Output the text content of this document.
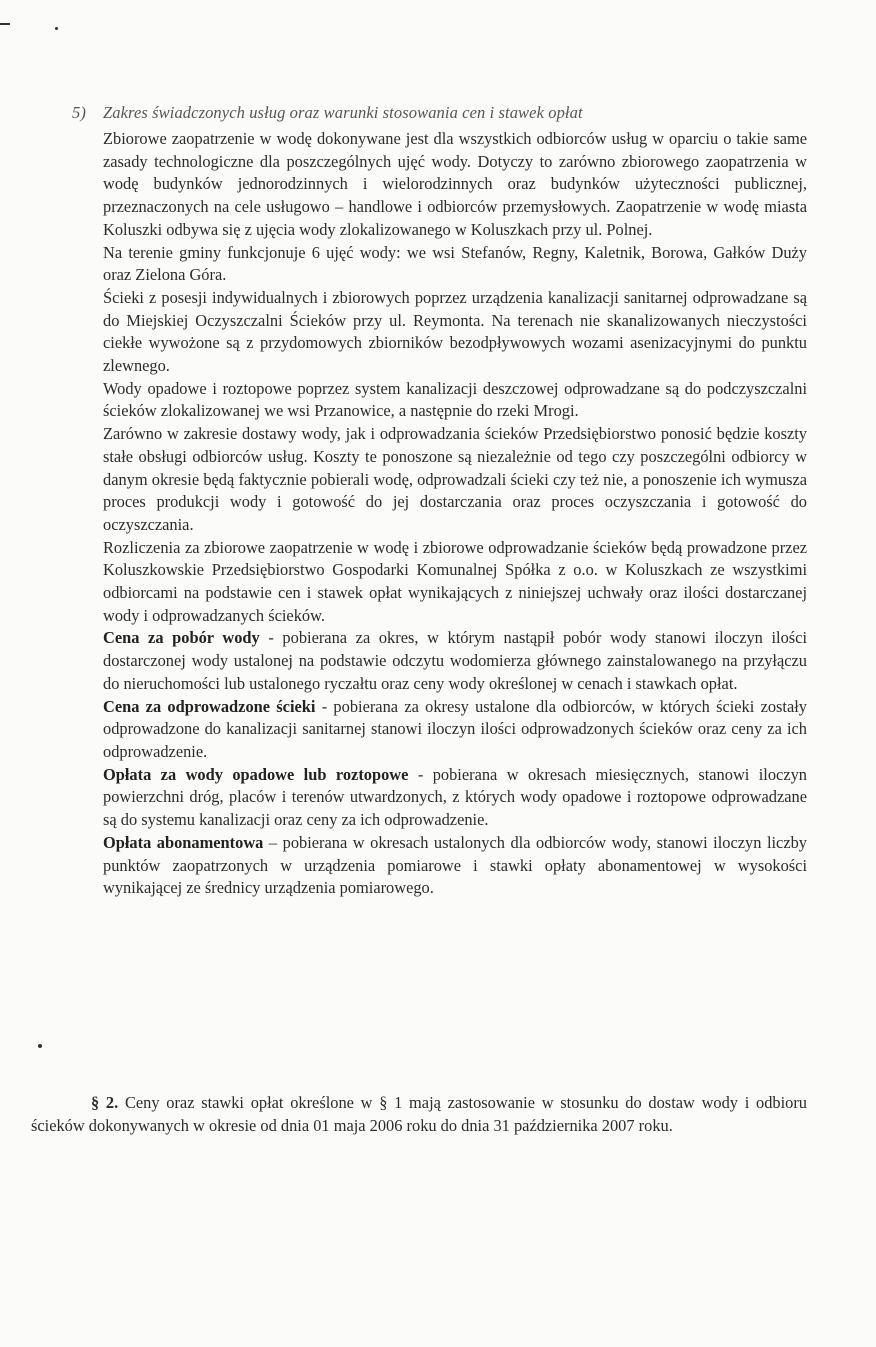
5) Zakres świadczonych usług oraz warunki stosowania cen i stawek opłat

Zbiorowe zaopatrzenie w wodę dokonywane jest dla wszystkich odbiorców usług w oparciu o takie same zasady technologiczne dla poszczególnych ujęć wody. Dotyczy to zarówno zbiorowego zaopatrzenia w wodę budynków jednorodzinnych i wielorodzinnych oraz budynków użyteczności publicznej, przeznaczonych na cele usługowo – handlowe i odbiorców przemysłowych. Zaopatrzenie w wodę miasta Koluszki odbywa się z ujęcia wody zlokalizowanego w Koluszkach przy ul. Polnej.

Na terenie gminy funkcjonuje 6 ujęć wody: we wsi Stefanów, Regny, Kaletnik, Borowa, Gałków Duży oraz Zielona Góra.

Ścieki z posesji indywidualnych i zbiorowych poprzez urządzenia kanalizacji sanitarnej odprowadzane są do Miejskiej Oczyszczalni Ścieków przy ul. Reymonta. Na terenach nie skanalizowanych nieczystości ciekłe wywożone są z przydomowych zbiorników bezodpływowych wozami asenizacyjnymi do punktu zlewnego.

Wody opadowe i roztopowe poprzez system kanalizacji deszczowej odprowadzane są do podczyszczalni ścieków zlokalizowanej we wsi Przanowice, a następnie do rzeki Mrogi.

Zarówno w zakresie dostawy wody, jak i odprowadzania ścieków Przedsiębiorstwo ponosić będzie koszty stałe obsługi odbiorców usług. Koszty te ponoszone są niezależnie od tego czy poszczególni odbiorcy w danym okresie będą faktycznie pobierali wodę, odprowadzali ścieki czy też nie, a ponoszenie ich wymusza proces produkcji wody i gotowość do jej dostarczania oraz proces oczyszczania i gotowość do oczyszczania.

Rozliczenia za zbiorowe zaopatrzenie w wodę i zbiorowe odprowadzanie ścieków będą prowadzone przez Koluszkowskie Przedsiębiorstwo Gospodarki Komunalnej Spółka z o.o. w Koluszkach ze wszystkimi odbiorcami na podstawie cen i stawek opłat wynikających z niniejszej uchwały oraz ilości dostarczanej wody i odprowadzanych ścieków.

Cena za pobór wody - pobierana za okres, w którym nastąpił pobór wody stanowi iloczyn ilości dostarczonej wody ustalonej na podstawie odczytu wodomierza głównego zainstalowanego na przyłączu do nieruchomości lub ustalonego ryczałtu oraz ceny wody określonej w cenach i stawkach opłat.

Cena za odprowadzone ścieki - pobierana za okresy ustalone dla odbiorców, w których ścieki zostały odprowadzone do kanalizacji sanitarnej stanowi iloczyn ilości odprowadzonych ścieków oraz ceny za ich odprowadzenie.

Opłata za wody opadowe lub roztopowe - pobierana w okresach miesięcznych, stanowi iloczyn powierzchni dróg, placów i terenów utwardzonych, z których wody opadowe i roztopowe odprowadzane są do systemu kanalizacji oraz ceny za ich odprowadzenie.

Opłata abonamentowa – pobierana w okresach ustalonych dla odbiorców wody, stanowi iloczyn liczby punktów zaopatrzonych w urządzenia pomiarowe i stawki opłaty abonamentowej w wysokości wynikającej ze średnicy urządzenia pomiarowego.

§ 2. Ceny oraz stawki opłat określone w § 1 mają zastosowanie w stosunku do dostaw wody i odbioru ścieków dokonywanych w okresie od dnia 01 maja 2006 roku do dnia 31 października 2007 roku.
